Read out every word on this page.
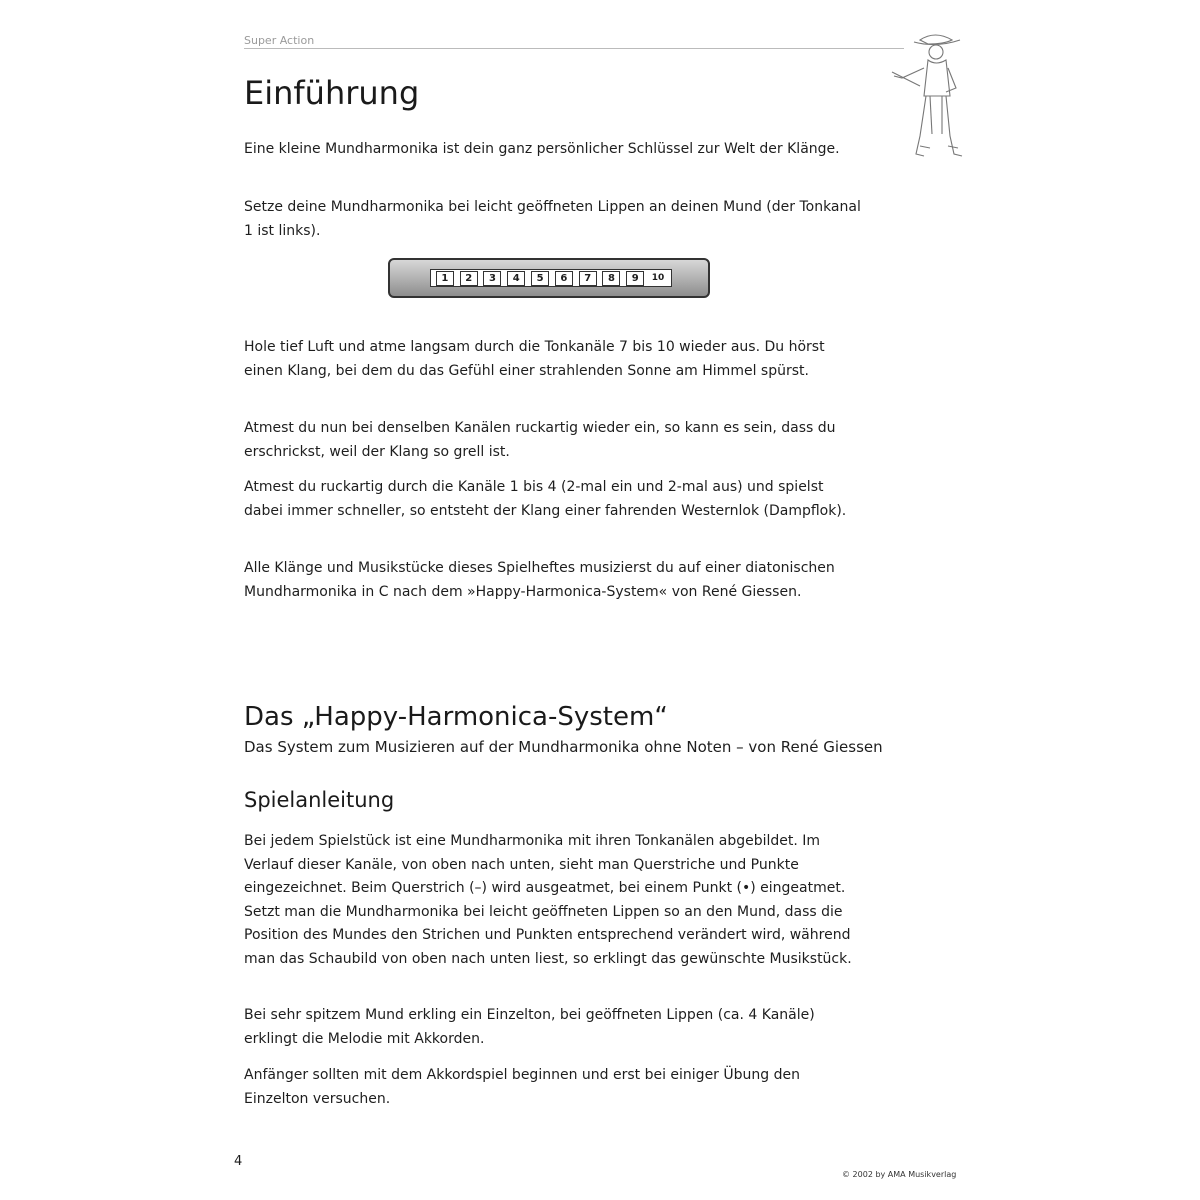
Super Action
Einführung

Eine kleine Mundharmonika ist dein ganz persönlicher Schlüssel zur Welt der Klänge.

Setze deine Mundharmonika bei leicht geöffneten Lippen an deinen Mund (der Tonkanal 1 ist links).

1	2	3	4	5	6	7	8	9	10

Hole tief Luft und atme langsam durch die Tonkanäle 7 bis 10 wieder aus. Du hörst einen Klang, bei dem du das Gefühl einer strahlenden Sonne am Himmel spürst.

Atmest du nun bei denselben Kanälen ruckartig wieder ein, so kann es sein, dass du erschrickst, weil der Klang so grell ist.

Atmest du ruckartig durch die Kanäle 1 bis 4 (2-mal ein und 2-mal aus) und spielst dabei immer schneller, so entsteht der Klang einer fahrenden Westernlok (Dampflok).

Alle Klänge und Musikstücke dieses Spielheftes musizierst du auf einer diatonischen Mundharmonika in C nach dem »Happy-Harmonica-System« von René Giessen.

Das „Happy-Harmonica-System“
Das System zum Musizieren auf der Mundharmonika ohne Noten – von René Giessen
Spielanleitung

Bei jedem Spielstück ist eine Mundharmonika mit ihren Tonkanälen abgebildet. Im Verlauf dieser Kanäle, von oben nach unten, sieht man Querstriche und Punkte eingezeichnet. Beim Querstrich (–) wird ausgeatmet, bei einem Punkt (•) eingeatmet. Setzt man die Mundharmonika bei leicht geöffneten Lippen so an den Mund, dass die Position des Mundes den Strichen und Punkten entsprechend verändert wird, während man das Schaubild von oben nach unten liest, so erklingt das gewünschte Musikstück.

Bei sehr spitzem Mund erkling ein Einzelton, bei geöffneten Lippen (ca. 4 Kanäle) erklingt die Melodie mit Akkorden.

Anfänger sollten mit dem Akkordspiel beginnen und erst bei einiger Übung den Einzelton versuchen.

4
© 2002 by AMA Musikverlag
